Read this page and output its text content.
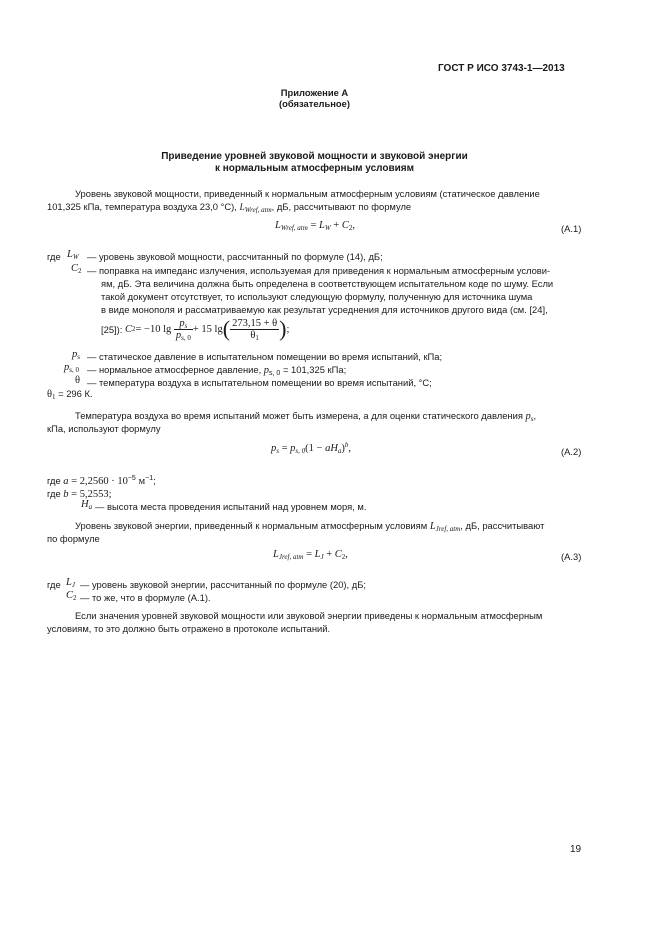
ГОСТ Р ИСО 3743-1—2013
Приложение А
(обязательное)
Приведение уровней звуковой мощности и звуковой энергии
к нормальным атмосферным условиям
Уровень звуковой мощности, приведенный к нормальным атмосферным условиям (статическое давление
101,325 кПа, температура воздуха 23,0 °С), $L_{Wref, atm}$, дБ, рассчитывают по формуле
$L_{Wref, atm} = L_W + C_2$,	(A.1)
где $L_W$ — уровень звуковой мощности, рассчитанный по формуле (14), дБ;
$C_2$ — поправка на импеданс излучения, используемая для приведения к нормальным атмосферным услови-
ям, дБ. Эта величина должна быть определена в соответствующем испытательном коде по шуму. Если
такой документ отсутствует, то используют следующую формулу, полученную для источника шума
в виде монополя и рассматриваемую как результат усреднения для источников другого вида (см. [24],
[25]):
C 2 = −10 lg
$\frac{p_s}{p_{s, 0}} + 15$ lg ( $\frac{273,15 + \theta}{\theta_1}$ ) ;
$p_s$ — статическое давление в испытательном помещении во время испытаний, кПа;
$p_{s, 0}$ — нормальное атмосферное давление, $p_{s, 0} = 101,325$ кПа;
θ — температура воздуха в испытательном помещении во время испытаний, °С;
$\theta_1 = 296$ К.
Температура воздуха во время испытаний может быть измерена, а для оценки статического давления $p_s$,
кПа, используют формулу
$p_s = p_{s, 0}(1 - aH_a)^b$,	(A.2)
где $a = 2,2560 \cdot 10^{-5}$ $м^{-1}$;
где b = 5,2553;
$H_a$ — высота места проведения испытаний над уровнем моря, м.
Уровень звуковой энергии, приведенный к нормальным атмосферным условиям $L_{Jref, atm}$, дБ, рассчитывают
по формуле
$L_{Jref, atm} = L_J + C_2$,	(A.3)
где $L_J$ — уровень звуковой энергии, рассчитанный по формуле (20), дБ;
$C_2$ — то же, что в формуле (A.1).
Если значения уровней звуковой мощности или звуковой энергии приведены к нормальным атмосферным
условиям, то это должно быть отражено в протоколе испытаний.
19
